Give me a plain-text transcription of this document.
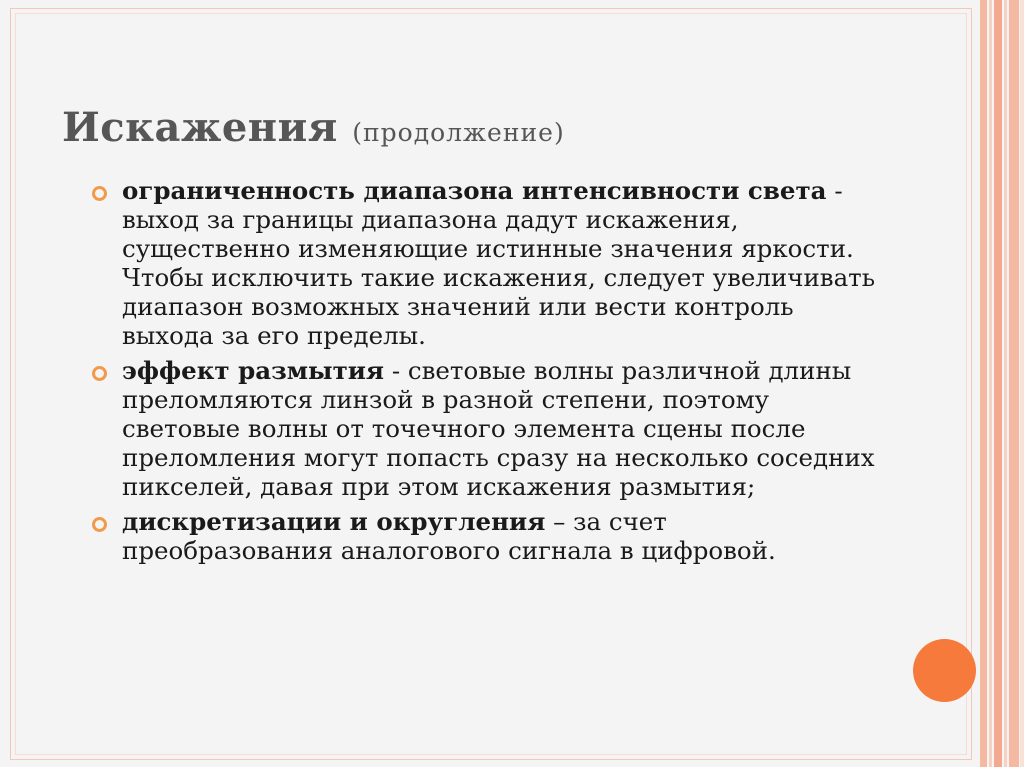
Искажения (продолжение)
ограниченность диапазона интенсивности света - выход за границы диапазона дадут искажения, существенно изменяющие истинные значения яркости. Чтобы исключить такие искажения, следует увеличивать диапазон возможных значений или вести контроль выхода за его пределы.
эффект размытия - световые волны различной длины преломляются линзой в разной степени, поэтому световые волны от точечного элемента сцены после преломления могут попасть сразу на несколько соседних пикселей, давая при этом искажения размытия;
дискретизации и округления – за счет преобразования аналогового сигнала в цифровой.
